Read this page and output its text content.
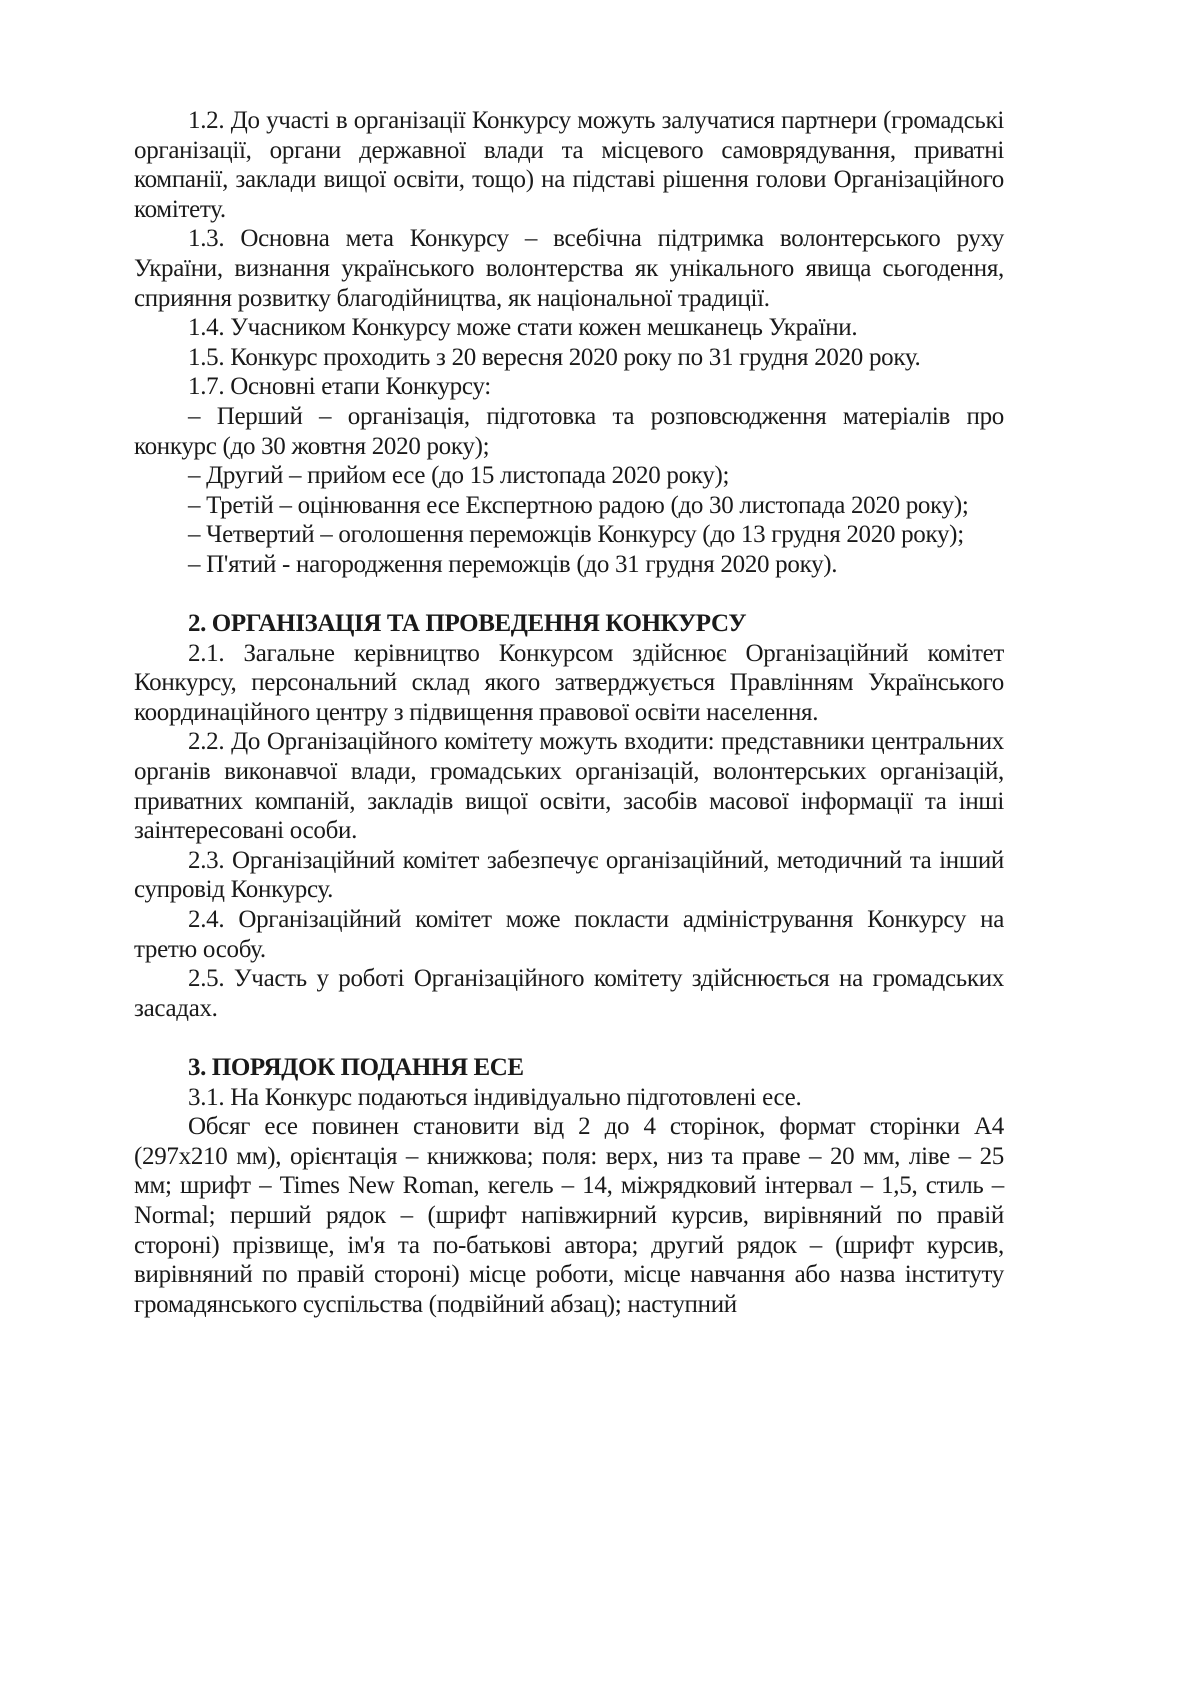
1.2. До участі в організації Конкурсу можуть залучатися партнери (громадські організації, органи державної влади та місцевого самоврядування, приватні компанії, заклади вищої освіти, тощо) на підставі рішення голови Організаційного комітету.

1.3. Основна мета Конкурсу – всебічна підтримка волонтерського руху України, визнання українського волонтерства як унікального явища сьогодення, сприяння розвитку благодійництва, як національної традиції.

1.4. Учасником Конкурсу може стати кожен мешканець України.

1.5. Конкурс проходить з 20 вересня 2020 року по 31 грудня 2020 року.

1.7. Основні етапи Конкурсу:

– Перший – організація, підготовка та розповсюдження матеріалів про конкурс (до 30 жовтня 2020 року);

– Другий – прийом есе (до 15 листопада 2020 року);

– Третій – оцінювання есе Експертною радою (до 30 листопада 2020 року);

– Четвертий – оголошення переможців Конкурсу (до 13 грудня 2020 року);

– П'ятий - нагородження переможців (до 31 грудня 2020 року).

2. ОРГАНІЗАЦІЯ ТА ПРОВЕДЕННЯ КОНКУРСУ

2.1. Загальне керівництво Конкурсом здійснює Організаційний комітет Конкурсу, персональний склад якого затверджується Правлінням Українського координаційного центру з підвищення правової освіти населення.

2.2. До Організаційного комітету можуть входити: представники центральних органів виконавчої влади, громадських організацій, волонтерських організацій, приватних компаній, закладів вищої освіти, засобів масової інформації та інші заінтересовані особи.

2.3. Організаційний комітет забезпечує організаційний, методичний та інший супровід Конкурсу.

2.4. Організаційний комітет може покласти адміністрування Конкурсу на третю особу.

2.5. Участь у роботі Організаційного комітету здійснюється на громадських засадах.

3. ПОРЯДОК ПОДАННЯ ЕСЕ

3.1. На Конкурс подаються індивідуально підготовлені есе.

Обсяг есе повинен становити від 2 до 4 сторінок, формат сторінки А4 (297х210 мм), орієнтація – книжкова; поля: верх, низ та праве – 20 мм, ліве – 25 мм; шрифт – Times New Roman, кегель – 14, міжрядковий інтервал – 1,5, стиль – Normal; перший рядок – (шрифт напівжирний курсив, вирівняний по правій стороні) прізвище, ім'я та по-батькові автора; другий рядок – (шрифт курсив, вирівняний по правій стороні) місце роботи, місце навчання або назва інституту громадянського суспільства (подвійний абзац); наступний
